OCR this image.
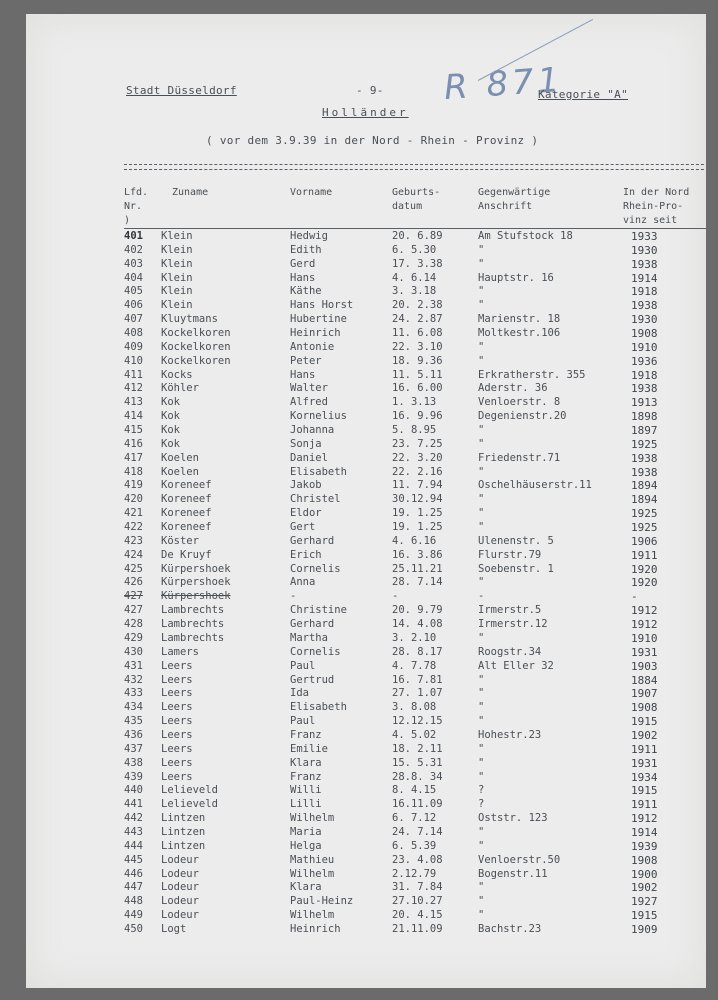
Stadt Düsseldorf	- 9- R 871
Kategorie "A"
Holländer
( vor dem 3.9.39 in der Nord - Rhein - Provinz )
Lfd.
Nr.
)
Zuname	Vorname	Geburts-
datum
Gegenwärtige
Anschrift
In der Nord
Rhein-Pro-
vinz seit
401 Klein	Hedwig	20. 6.89	Am Stufstock 18	1933
402 Klein	Edith	6. 5.30	"	1930
403 Klein	Gerd	17. 3.38	"	1938
404 Klein	Hans	4. 6.14	Hauptstr. 16	1914
405 Klein	Käthe	3. 3.18	"	1918
406 Klein	Hans Horst	20. 2.38	"	1938
407 Kluytmans	Hubertine	24. 2.87	Marienstr. 18	1930
408 Kockelkoren	Heinrich	11. 6.08	Moltkestr.106	1908
409 Kockelkoren	Antonie	22. 3.10	"	1910
410 Kockelkoren	Peter	18. 9.36	"	1936
411 Kocks	Hans	11. 5.11	Erkratherstr. 355	1918
412 Köhler	Walter	16. 6.00	Aderstr. 36	1938
413 Kok	Alfred	1. 3.13	Venloerstr. 8	1913
414 Kok	Kornelius	16. 9.96	Degenienstr.20	1898
415 Kok	Johanna	5. 8.95	"	1897
416 Kok	Sonja	23. 7.25	"	1925
417 Koelen	Daniel	22. 3.20	Friedenstr.71	1938
418 Koelen	Elisabeth	22. 2.16	"	1938
419 Koreneef	Jakob	11. 7.94	Oschelhäuserstr.11	1894
420 Koreneef	Christel	30.12.94	"	1894
421 Koreneef	Eldor	19. 1.25	"	1925
422 Koreneef	Gert	19. 1.25	"	1925
423 Köster	Gerhard	4. 6.16	Ulenenstr. 5	1906
424 De Kruyf	Erich	16. 3.86	Flurstr.79	1911
425 Kürpershoek	Cornelis	25.11.21	Soebenstr. 1	1920
426 Kürpershoek	Anna	28. 7.14	"	1920
427 Kürpershoek	-	-	-	-
427 Lambrechts	Christine	20. 9.79	Irmerstr.5	1912
428 Lambrechts	Gerhard	14. 4.08	Irmerstr.12	1912
429 Lambrechts	Martha	3. 2.10	"	1910
430 Lamers	Cornelis	28. 8.17	Roogstr.34	1931
431 Leers	Paul	4. 7.78	Alt Eller 32	1903
432 Leers	Gertrud	16. 7.81	"	1884
433 Leers	Ida	27. 1.07	"	1907
434 Leers	Elisabeth	3. 8.08	"	1908
435 Leers	Paul	12.12.15	"	1915
436 Leers	Franz	4. 5.02	Hohestr.23	1902
437 Leers	Emilie	18. 2.11	"	1911
438 Leers	Klara	15. 5.31	"	1931
439 Leers	Franz	28.8. 34	"	1934
440 Lelieveld	Willi	8. 4.15	?	1915
441 Lelieveld	Lilli	16.11.09	?	1911
442 Lintzen	Wilhelm	6. 7.12	Oststr. 123	1912
443 Lintzen	Maria	24. 7.14	"	1914
444 Lintzen	Helga	6. 5.39	"	1939
445 Lodeur	Mathieu	23. 4.08	Venloerstr.50	1908
446 Lodeur	Wilhelm	2.12.79	Bogenstr.11	1900
447 Lodeur	Klara	31. 7.84	"	1902
448 Lodeur	Paul-Heinz	27.10.27	"	1927
449 Lodeur	Wilhelm	20. 4.15	"	1915
450 Logt	Heinrich	21.11.09	Bachstr.23	1909
